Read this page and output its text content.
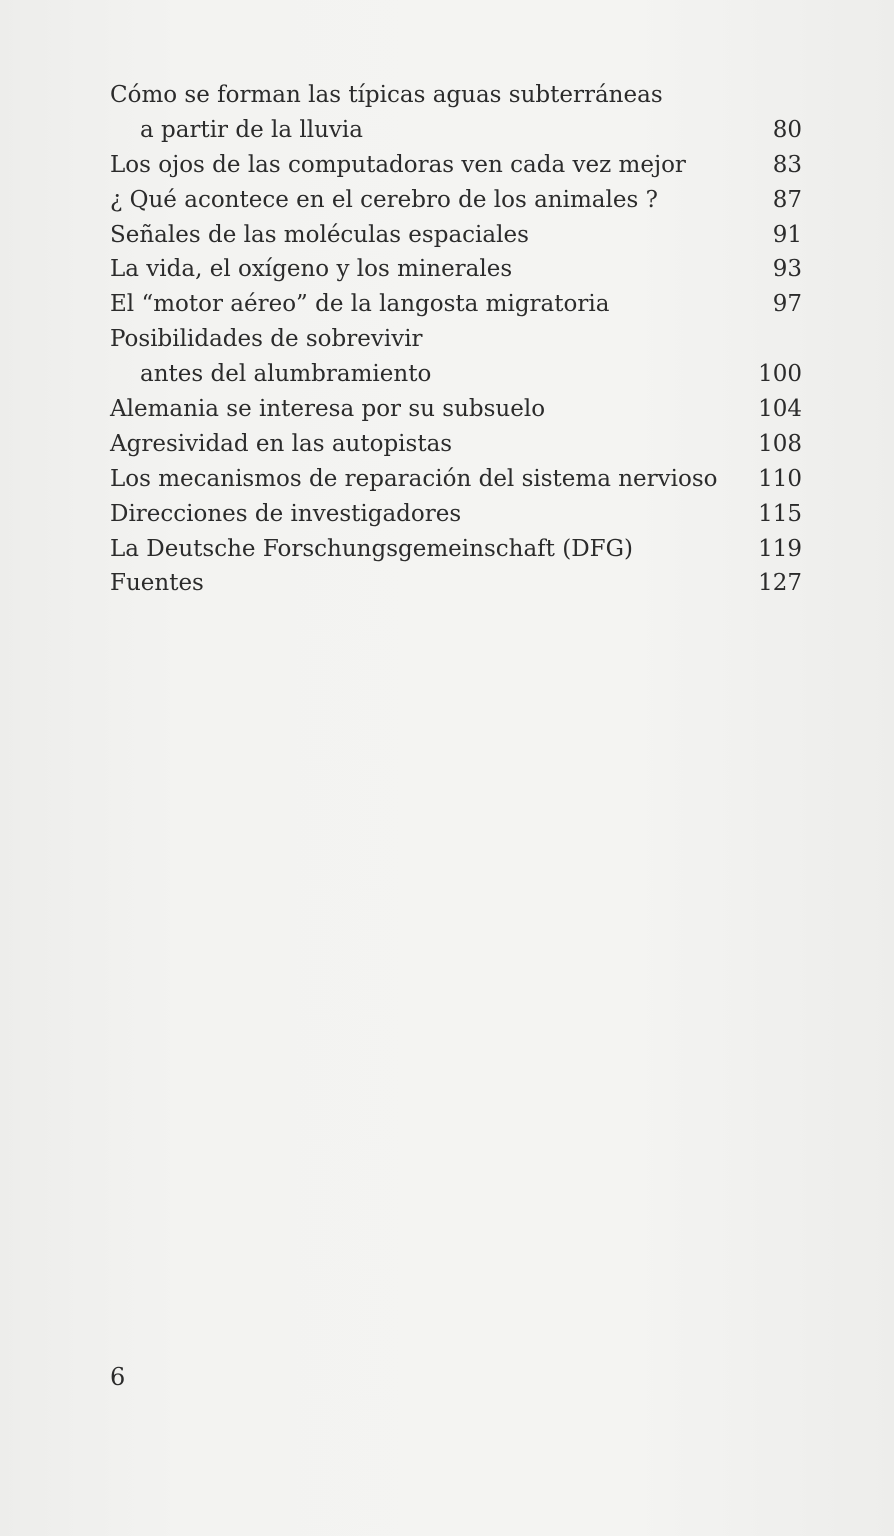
Cómo se forman las típicas aguas subterráneas
a partir de la lluvia	80
Los ojos de las computadoras ven cada vez mejor	83
¿ Qué acontece en el cerebro de los animales ?	87
Señales de las moléculas espaciales	91
La vida, el oxígeno y los minerales	93
El “motor aéreo” de la langosta migratoria	97
Posibilidades de sobrevivir
antes del alumbramiento	100
Alemania se interesa por su subsuelo	104
Agresividad en las autopistas	108
Los mecanismos de reparación del sistema nervioso	110
Direcciones de investigadores	115
La Deutsche Forschungsgemeinschaft (DFG)	119
Fuentes	127
6
